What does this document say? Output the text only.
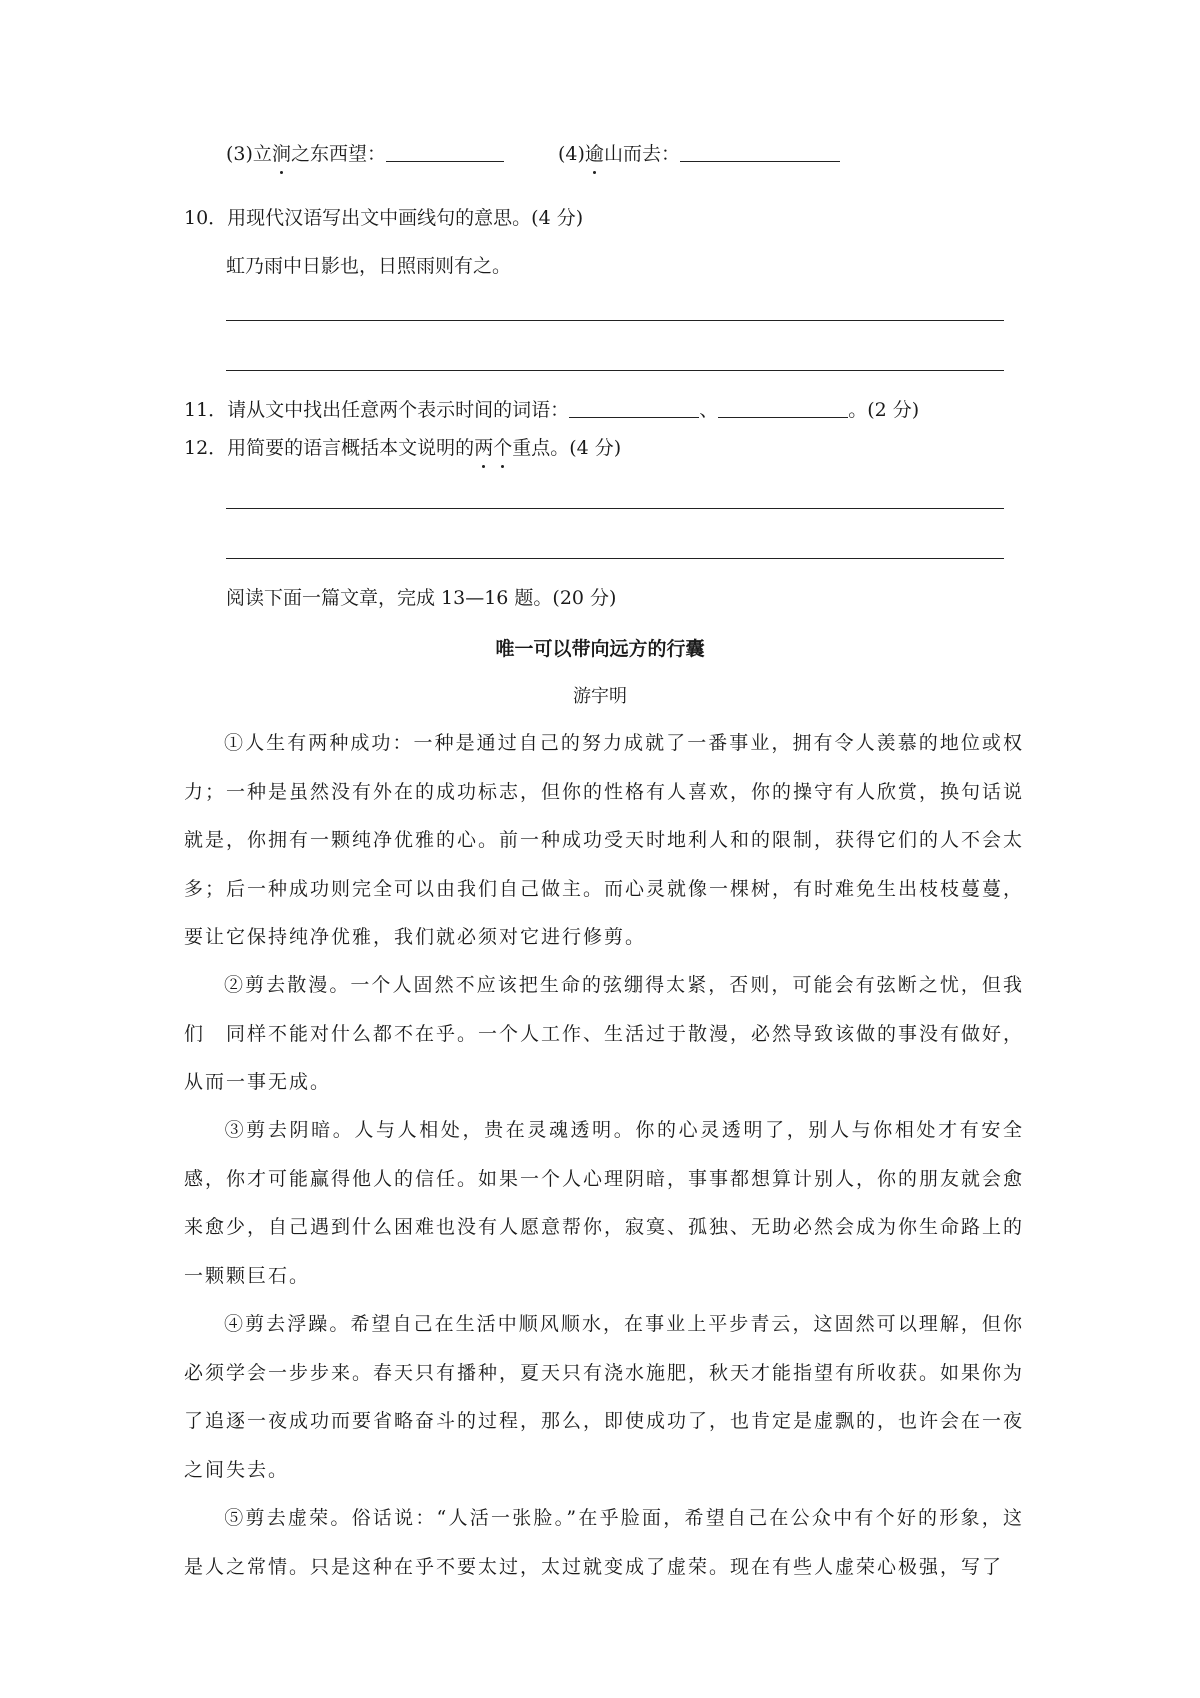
(3)立涧之东西望：	(4)逾山而去：
10．用现代汉语写出文中画线句的意思。(4 分)
虹乃雨中日影也，日照雨则有之。
11．请从文中找出任意两个表示时间的词语：	、	。(2 分)
12．用简要的语言概括本文说明的两个重点。(4 分)
阅读下面一篇文章，完成 13—16 题。(20 分)
唯一可以带向远方的行囊
游宇明
①人生有两种成功：一种是通过自己的努力成就了一番事业，拥有令人羡慕的地位或权力；一种是虽然没有外在的成功标志，但你的性格有人喜欢，你的操守有人欣赏，换句话说就是，你拥有一颗纯净优雅的心。前一种成功受天时地利人和的限制，获得它们的人不会太多；后一种成功则完全可以由我们自己做主。而心灵就像一棵树，有时难免生出枝枝蔓蔓，要让它保持纯净优雅，我们就必须对它进行修剪。
②剪去散漫。一个人固然不应该把生命的弦绷得太紧，否则，可能会有弦断之忧，但我们　同样不能对什么都不在乎。一个人工作、生活过于散漫，必然导致该做的事没有做好，从而一事无成。
③剪去阴暗。人与人相处，贵在灵魂透明。你的心灵透明了，别人与你相处才有安全感，你才可能赢得他人的信任。如果一个人心理阴暗，事事都想算计别人，你的朋友就会愈来愈少，自己遇到什么困难也没有人愿意帮你，寂寞、孤独、无助必然会成为你生命路上的一颗颗巨石。
④剪去浮躁。希望自己在生活中顺风顺水，在事业上平步青云，这固然可以理解，但你必须学会一步步来。春天只有播种，夏天只有浇水施肥，秋天才能指望有所收获。如果你为了追逐一夜成功而要省略奋斗的过程，那么，即使成功了，也肯定是虚飘的，也许会在一夜之间失去。
⑤剪去虚荣。俗话说：“人活一张脸。”在乎脸面，希望自己在公众中有个好的形象，这是人之常情。只是这种在乎不要太过，太过就变成了虚荣。现在有些人虚荣心极强，写了
